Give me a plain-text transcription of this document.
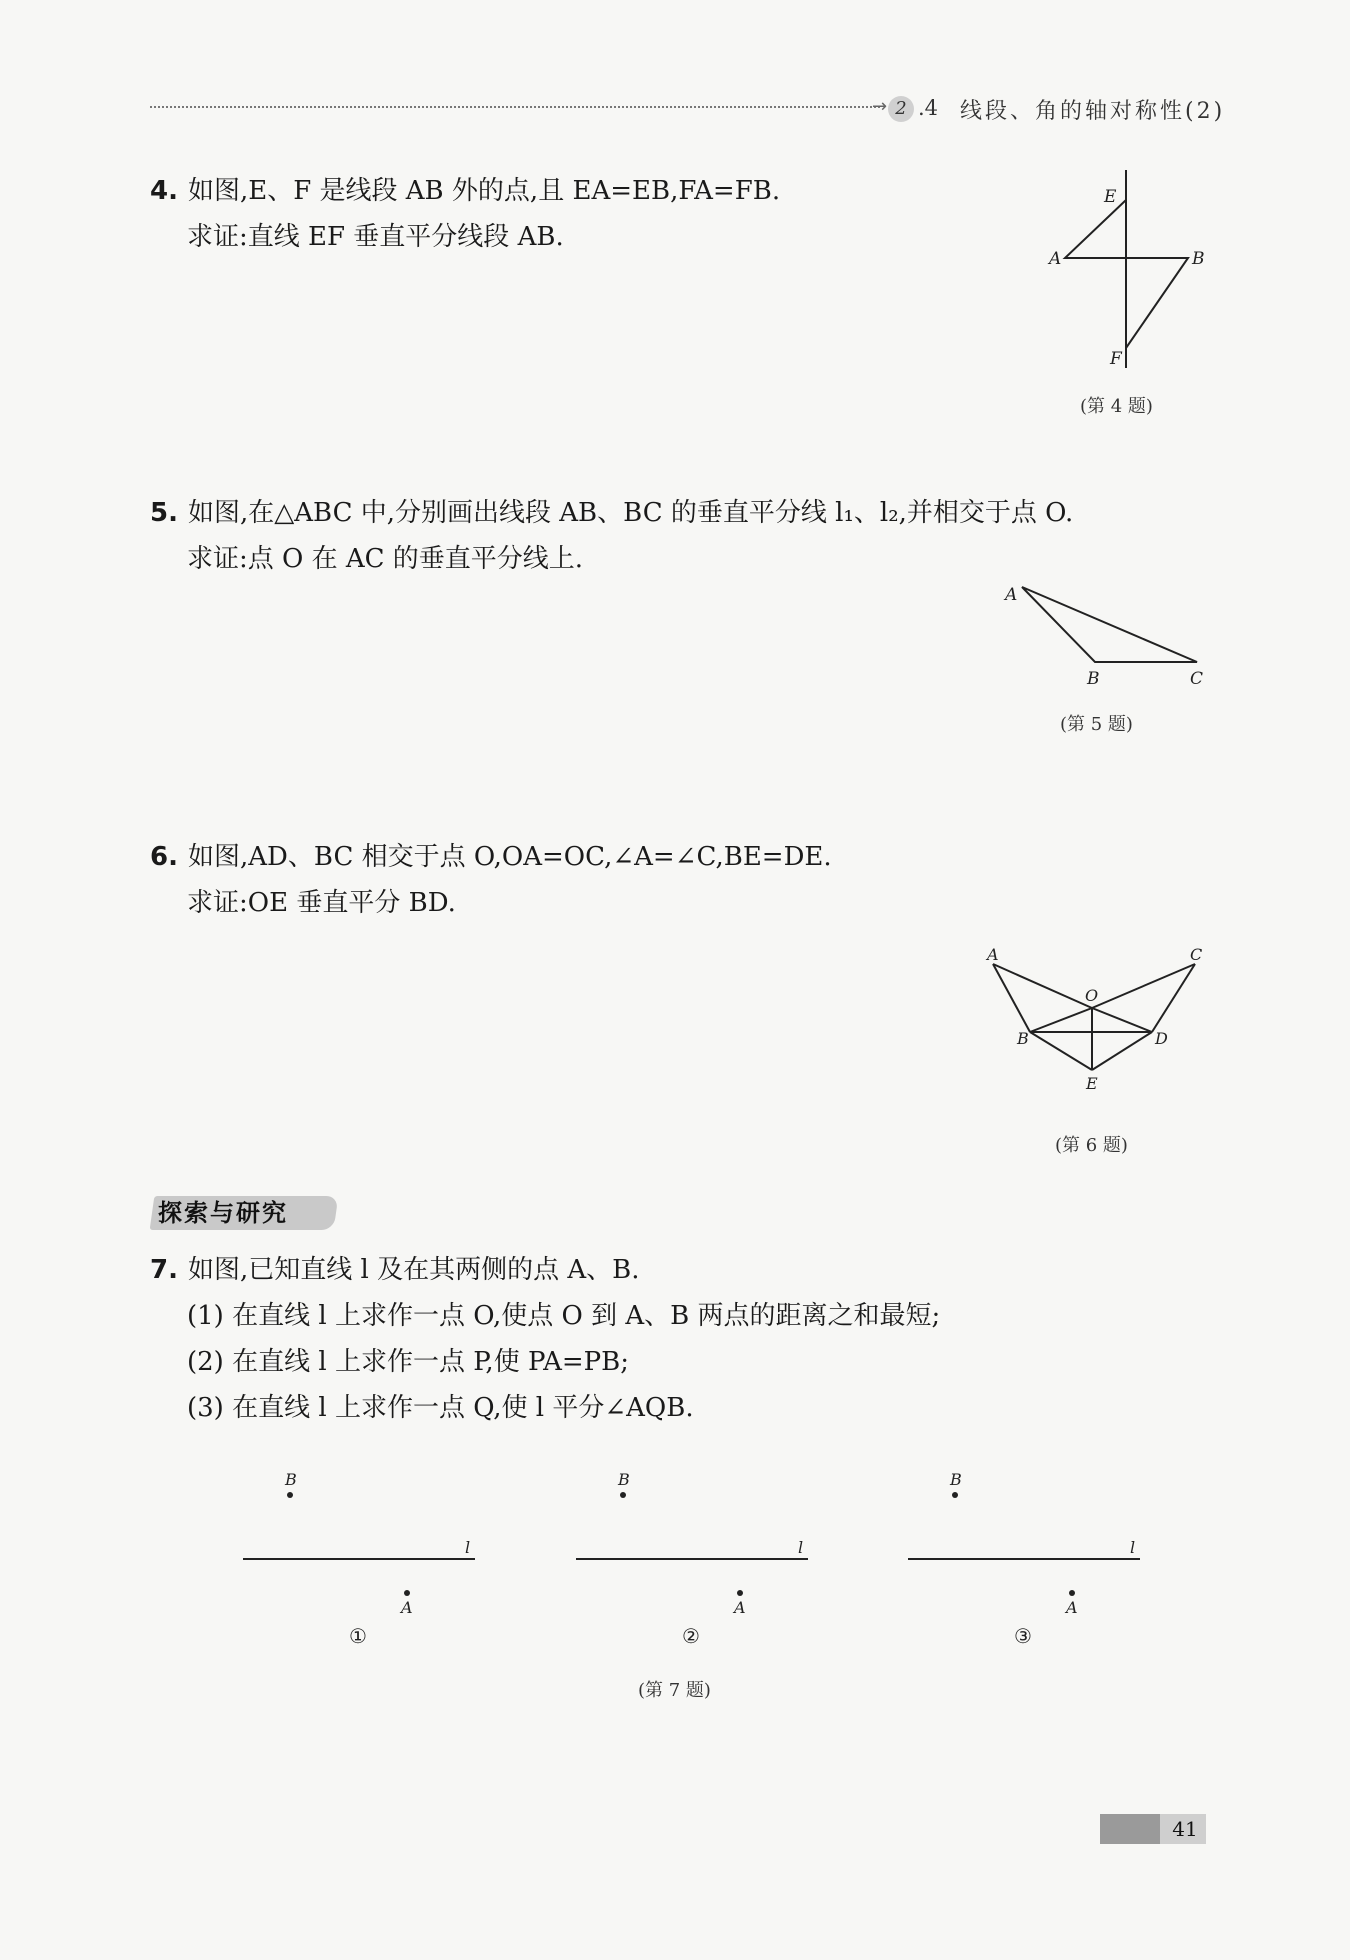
→ 2 .4 线段、角的轴对称性(2)
4. 如图,E、F 是线段 AB 外的点,且 EA=EB,FA=FB.
求证:直线 EF 垂直平分线段 AB.
E
A	B
F
(第 4 题)
5. 如图,在△ABC 中,分别画出线段 AB、BC 的垂直平分线 l₁、l₂,并相交于点 O.
求证:点 O 在 AC 的垂直平分线上.
A
B	C
(第 5 题)
6. 如图,AD、BC 相交于点 O,OA=OC,∠A=∠C,BE=DE.
求证:OE 垂直平分 BD.
A	C
O
B	D
E
(第 6 题)
探索与研究
7. 如图,已知直线 l 及在其两侧的点 A、B.
(1) 在直线 l 上求作一点 O,使点 O 到 A、B 两点的距离之和最短;
(2) 在直线 l 上求作一点 P,使 PA=PB;
(3) 在直线 l 上求作一点 Q,使 l 平分∠AQB.
B
l
A
①
B
l
A
②
B
l
A
③
(第 7 题)
41
